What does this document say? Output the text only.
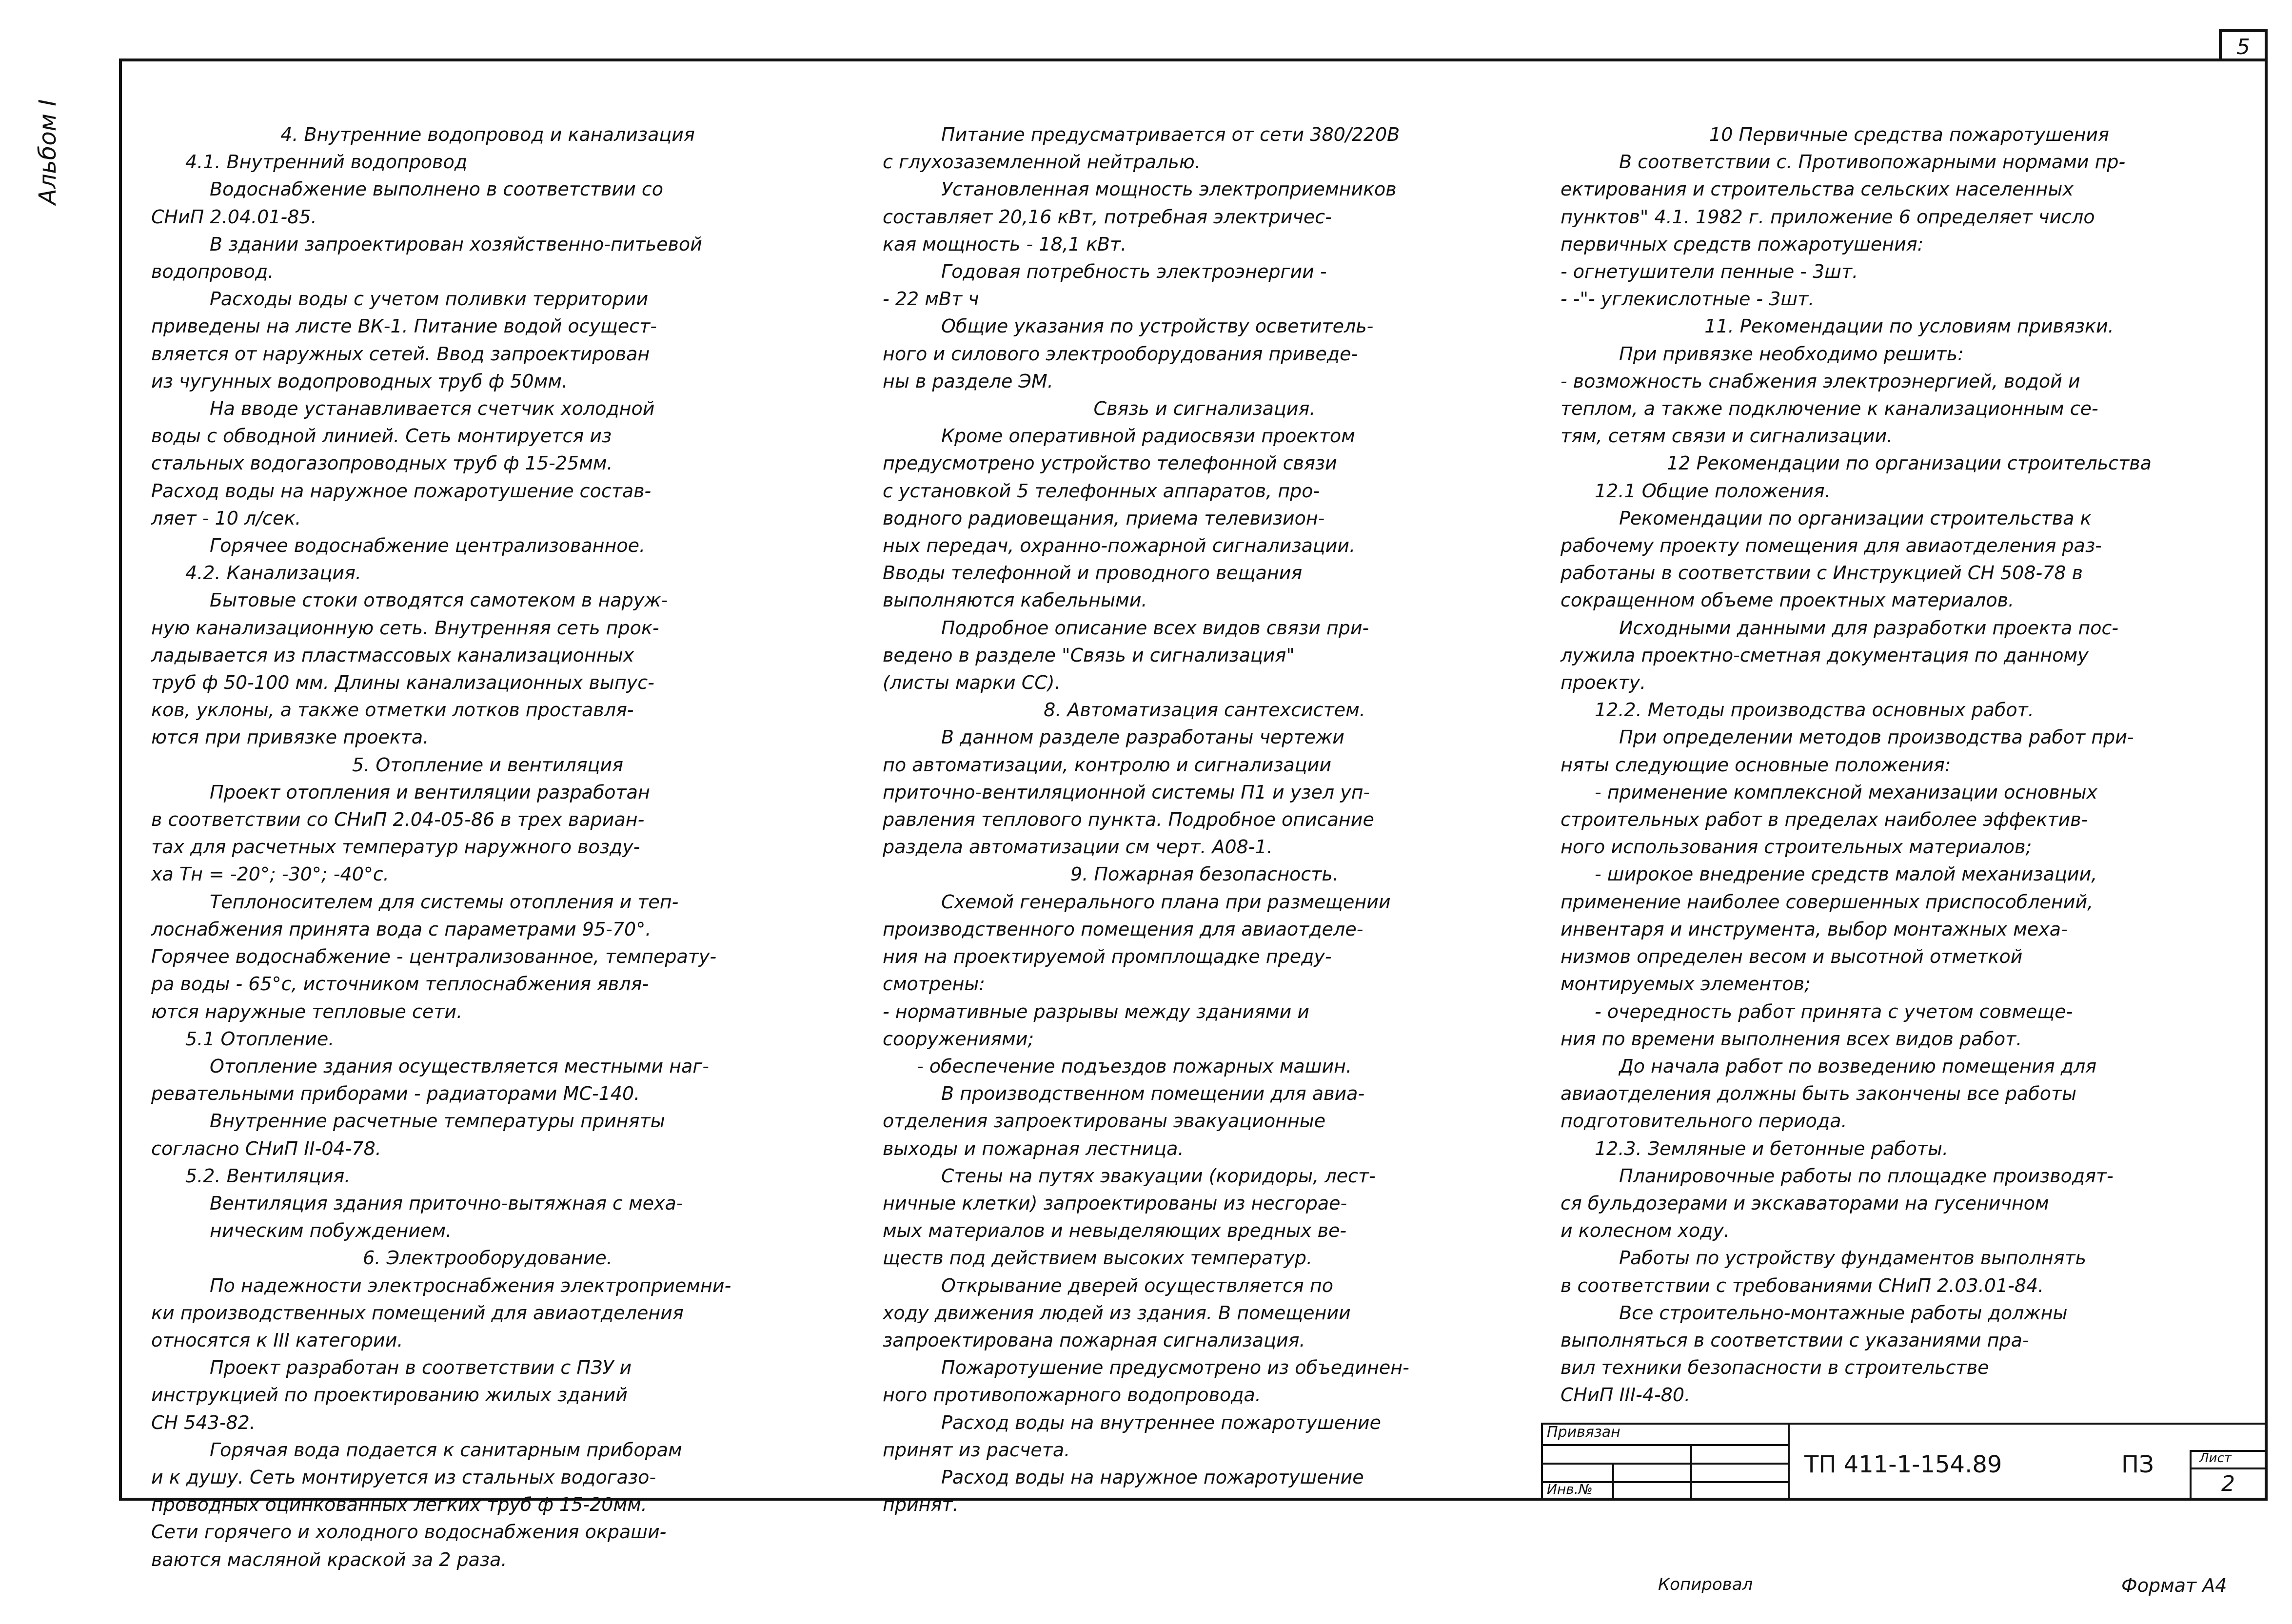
5
Альбом I	4. Внутренние водопровод и канализация
4.1. Внутренний водопровод
Водоснабжение выполнено в соответствии со
СНиП 2.04.01-85.
В здании запроектирован хозяйственно-питьевой
водопровод.
Расходы воды с учетом поливки территории
приведены на листе ВК-1. Питание водой осущест-
вляется от наружных сетей. Ввод запроектирован
из чугунных водопроводных труб ф 50мм.
На вводе устанавливается счетчик холодной
воды с обводной линией. Сеть монтируется из
стальных водогазопроводных труб ф 15-25мм.
Расход воды на наружное пожаротушение состав-
ляет - 10 л/сек.
Горячее водоснабжение централизованное.
4.2. Канализация.
Бытовые стоки отводятся самотеком в наруж-
ную канализационную сеть. Внутренняя сеть прок-
ладывается из пластмассовых канализационных
труб ф 50-100 мм. Длины канализационных выпус-
ков, уклоны, а также отметки лотков проставля-
ются при привязке проекта.
5. Отопление и вентиляция
Проект отопления и вентиляции разработан
в соответствии со СНиП 2.04-05-86 в трех вариан-
тах для расчетных температур наружного возду-
ха Тн = -20°; -30°; -40°с.
Теплоносителем для системы отопления и теп-
лоснабжения принята вода с параметрами 95-70°.
Горячее водоснабжение - централизованное, температу-
ра воды - 65°с, источником теплоснабжения явля-
ются наружные тепловые сети.
5.1 Отопление.
Отопление здания осуществляется местными наг-
ревательными приборами - радиаторами МС-140.
Внутренние расчетные температуры приняты
согласно СНиП II-04-78.
5.2. Вентиляция.
Вентиляция здания приточно-вытяжная с меха-
ническим побуждением.
6. Электрооборудование.
По надежности электроснабжения электроприемни-
ки производственных помещений для авиаотделения
относятся к III категории.
Проект разработан в соответствии с ПЗУ и
инструкцией по проектированию жилых зданий
СН 543-82.
Горячая вода подается к санитарным приборам
и к душу. Сеть монтируется из стальных водогазо-
проводных оцинкованных легких труб ф 15-20мм.
Сети горячего и холодного водоснабжения окраши-
ваются масляной краской за 2 раза.
Питание предусматривается от сети 380/220В
с глухозаземленной нейтралью.
Установленная мощность электроприемников
составляет 20,16 кВт, потребная электричес-
кая мощность - 18,1 кВт.
Годовая потребность электроэнергии -
- 22 мВт ч
Общие указания по устройству осветитель-
ного и силового электрооборудования приведе-
ны в разделе ЭМ.
Связь и сигнализация.
Кроме оперативной радиосвязи проектом
предусмотрено устройство телефонной связи
с установкой 5 телефонных аппаратов, про-
водного радиовещания, приема телевизион-
ных передач, охранно-пожарной сигнализации.
Вводы телефонной и проводного вещания
выполняются кабельными.
Подробное описание всех видов связи при-
ведено в разделе "Связь и сигнализация"
(листы марки СС).
8. Автоматизация сантехсистем.
В данном разделе разработаны чертежи
по автоматизации, контролю и сигнализации
приточно-вентиляционной системы П1 и узел уп-
равления теплового пункта. Подробное описание
раздела автоматизации см черт. А08-1.
9. Пожарная безопасность.
Схемой генерального плана при размещении
производственного помещения для авиаотделе-
ния на проектируемой промплощадке преду-
смотрены:
- нормативные разрывы между зданиями и
сооружениями;
- обеспечение подъездов пожарных машин.
В производственном помещении для авиа-
отделения запроектированы эвакуационные
выходы и пожарная лестница.
Стены на путях эвакуации (коридоры, лест-
ничные клетки) запроектированы из несгорае-
мых материалов и невыделяющих вредных ве-
ществ под действием высоких температур.
Открывание дверей осуществляется по
ходу движения людей из здания. В помещении
запроектирована пожарная сигнализация.
Пожаротушение предусмотрено из объединен-
ного противопожарного водопровода.
Расход воды на внутреннее пожаротушение
принят из расчета.
Расход воды на наружное пожаротушение
принят.
10 Первичные средства пожаротушения
В соответствии с. Противопожарными нормами пр-
ектирования и строительства сельских населенных
пунктов" 4.1. 1982 г. приложение 6 определяет число
первичных средств пожаротушения:
- огнетушители пенные - 3шт.
- -"- углекислотные - 3шт.
11. Рекомендации по условиям привязки.
При привязке необходимо решить:
- возможность снабжения электроэнергией, водой и
теплом, а также подключение к канализационным се-
тям, сетям связи и сигнализации.
12 Рекомендации по организации строительства
12.1 Общие положения.
Рекомендации по организации строительства к
рабочему проекту помещения для авиаотделения раз-
работаны в соответствии с Инструкцией СН 508-78 в
сокращенном объеме проектных материалов.
Исходными данными для разработки проекта пос-
лужила проектно-сметная документация по данному
проекту.
12.2. Методы производства основных работ.
При определении методов производства работ при-
няты следующие основные положения:
- применение комплексной механизации основных
строительных работ в пределах наиболее эффектив-
ного использования строительных материалов;
- широкое внедрение средств малой механизации,
применение наиболее совершенных приспособлений,
инвентаря и инструмента, выбор монтажных меха-
низмов определен весом и высотной отметкой
монтируемых элементов;
- очередность работ принята с учетом совмеще-
ния по времени выполнения всех видов работ.
До начала работ по возведению помещения для
авиаотделения должны быть закончены все работы
подготовительного периода.
12.3. Земляные и бетонные работы.
Планировочные работы по площадке производят-
ся бульдозерами и экскаваторами на гусеничном
и колесном ходу.
Работы по устройству фундаментов выполнять
в соответствии с требованиями СНиП 2.03.01-84.
Все строительно-монтажные работы должны
выполняться в соответствии с указаниями пра-
вил техники безопасности в строительстве
СНиП III-4-80.
Привязан
Инв.№
ТП 411-1-154.89	ПЗ	Лист
2
Копировал	Формат А4
